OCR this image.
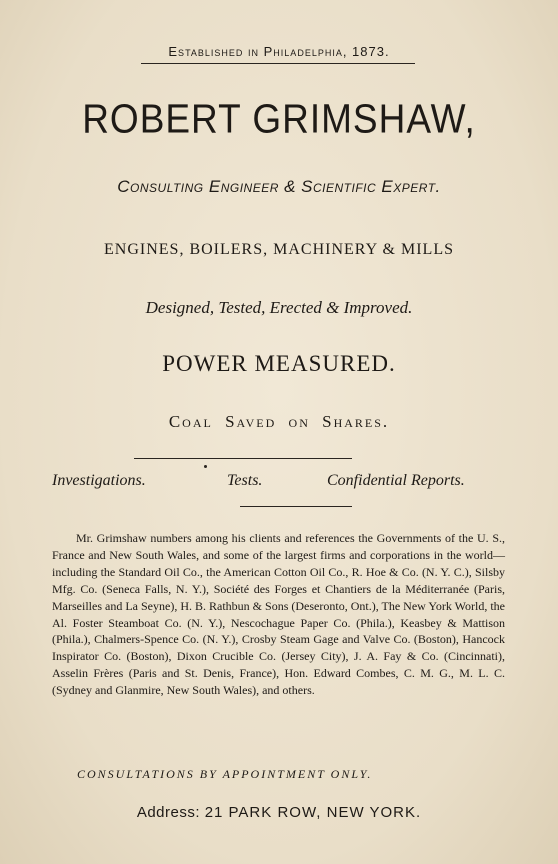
Established in Philadelphia, 1873.
ROBERT GRIMSHAW,
Consulting Engineer & Scientific Expert.
ENGINES, BOILERS, MACHINERY & MILLS
Designed, Tested, Erected & Improved.
POWER MEASURED.
Coal Saved on Shares.
Investigations.	Tests.	Confidential Reports.

Mr. Grimshaw numbers among his clients and references the Governments of the U. S., France and New South Wales, and some of the largest firms and corporations in the world—including the Standard Oil Co., the American Cotton Oil Co., R. Hoe & Co. (N. Y. C.), Silsby Mfg. Co. (Seneca Falls, N. Y.), Société des Forges et Chantiers de la Méditerranée (Paris, Marseilles and La Seyne), H. B. Rathbun & Sons (Deseronto, Ont.), The New York World, the Al. Foster Steamboat Co. (N. Y.), Nescochague Paper Co. (Phila.), Keasbey & Mattison (Phila.), Chalmers-Spence Co. (N. Y.), Crosby Steam Gage and Valve Co. (Boston), Hancock Inspirator Co. (Boston), Dixon Crucible Co. (Jersey City), J. A. Fay & Co. (Cincinnati), Asselin Frères (Paris and St. Denis, France), Hon. Edward Combes, C. M. G., M. L. C. (Sydney and Glanmire, New South Wales), and others.

CONSULTATIONS BY APPOINTMENT ONLY.
Address: 21 PARK ROW, NEW YORK.
